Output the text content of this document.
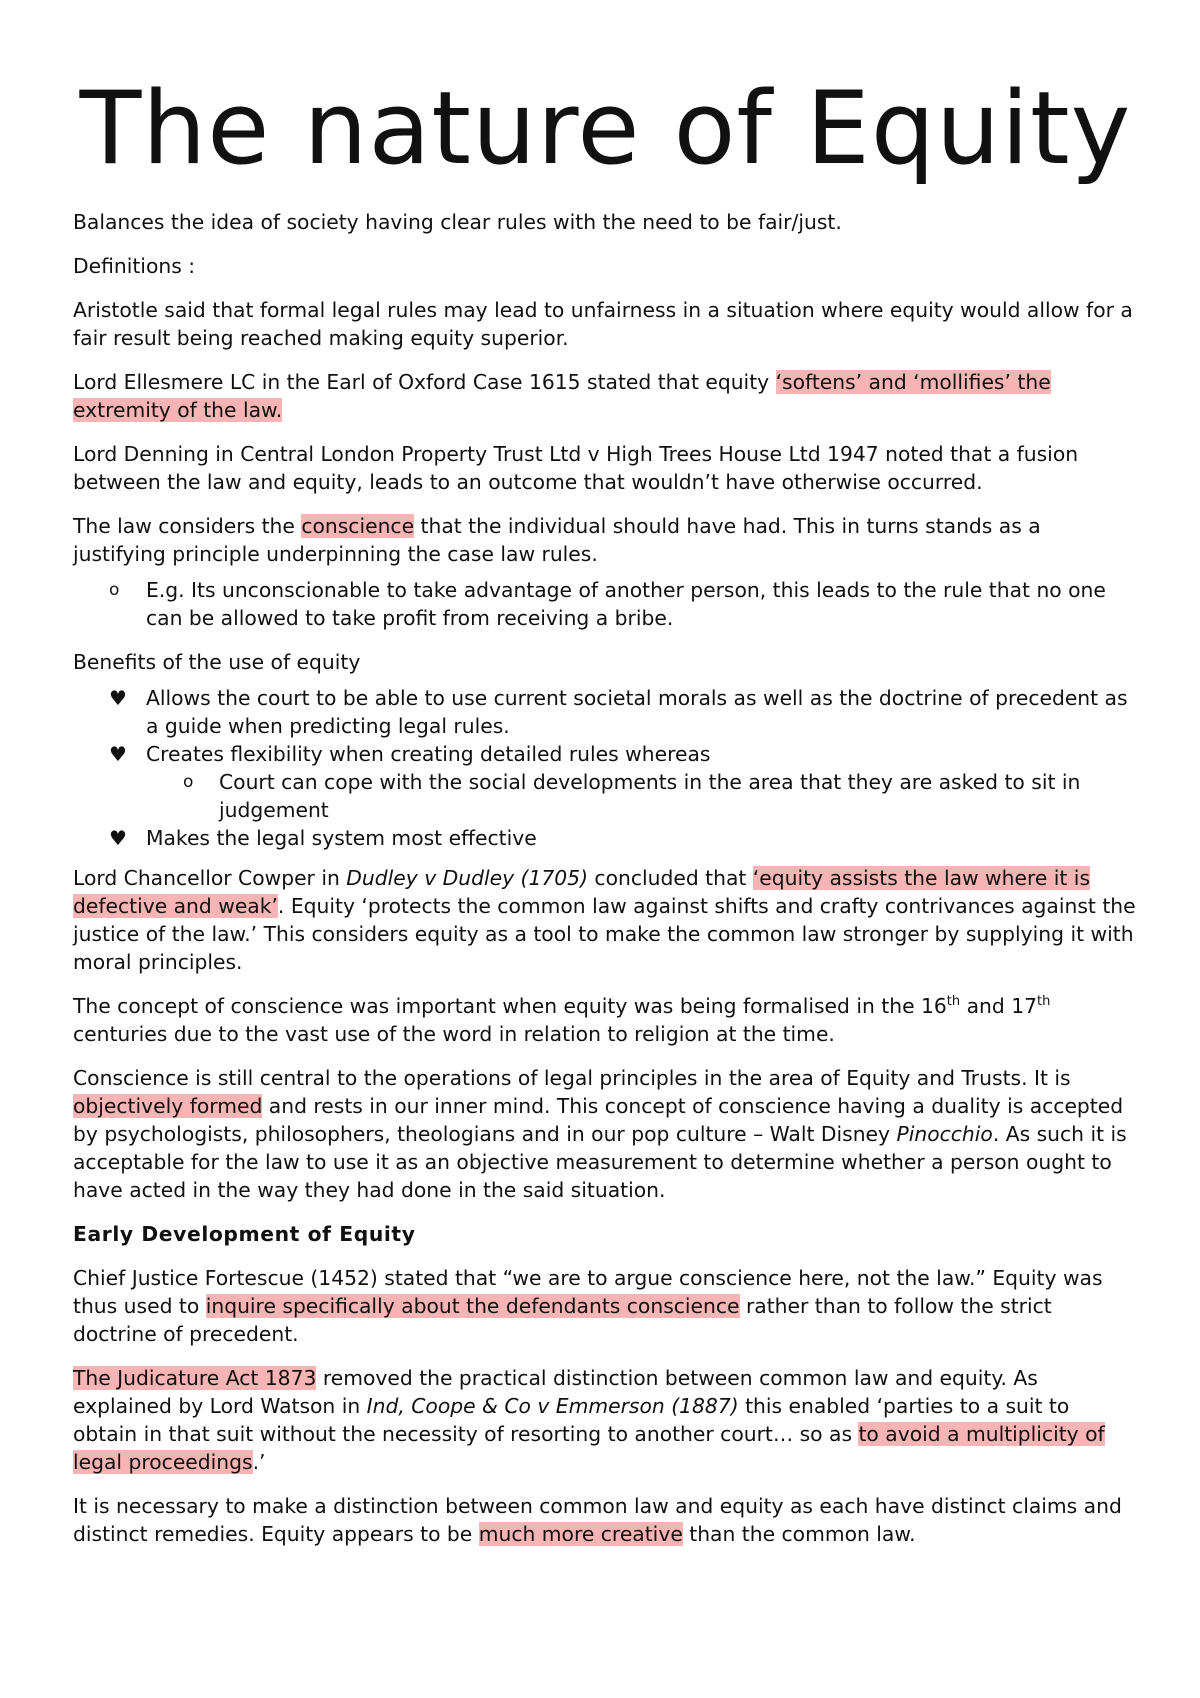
The nature of Equity

Balances the idea of society having clear rules with the need to be fair/just.

Definitions :

Aristotle said that formal legal rules may lead to unfairness in a situation where equity would allow for a fair result being reached making equity superior.

Lord Ellesmere LC in the Earl of Oxford Case 1615 stated that equity ‘softens’ and ‘mollifies’ the extremity of the law.

Lord Denning in Central London Property Trust Ltd v High Trees House Ltd 1947 noted that a fusion between the law and equity, leads to an outcome that wouldn’t have otherwise occurred.

The law considers the conscience that the individual should have had. This in turns stands as a justifying principle underpinning the case law rules.

o E.g. Its unconscionable to take advantage of another person, this leads to the rule that no one can be allowed to take profit from receiving a bribe.

Benefits of the use of equity

♥ Allows the court to be able to use current societal morals as well as the doctrine of precedent as a guide when predicting legal rules.
♥ Creates flexibility when creating detailed rules whereas
o Court can cope with the social developments in the area that they are asked to sit in judgement
♥ Makes the legal system most effective

Lord Chancellor Cowper in Dudley v Dudley (1705) concluded that ‘equity assists the law where it is defective and weak’. Equity ‘protects the common law against shifts and crafty contrivances against the justice of the law.’ This considers equity as a tool to make the common law stronger by supplying it with moral principles.

The concept of conscience was important when equity was being formalised in the 16th and 17th centuries due to the vast use of the word in relation to religion at the time.

Conscience is still central to the operations of legal principles in the area of Equity and Trusts. It is objectively formed and rests in our inner mind. This concept of conscience having a duality is accepted by psychologists, philosophers, theologians and in our pop culture – Walt Disney Pinocchio. As such it is acceptable for the law to use it as an objective measurement to determine whether a person ought to have acted in the way they had done in the said situation.

Early Development of Equity

Chief Justice Fortescue (1452) stated that “we are to argue conscience here, not the law.” Equity was thus used to inquire specifically about the defendants conscience rather than to follow the strict doctrine of precedent.

The Judicature Act 1873 removed the practical distinction between common law and equity. As explained by Lord Watson in Ind, Coope & Co v Emmerson (1887) this enabled ‘parties to a suit to obtain in that suit without the necessity of resorting to another court… so as to avoid a multiplicity of legal proceedings.’

It is necessary to make a distinction between common law and equity as each have distinct claims and distinct remedies. Equity appears to be much more creative than the common law.
